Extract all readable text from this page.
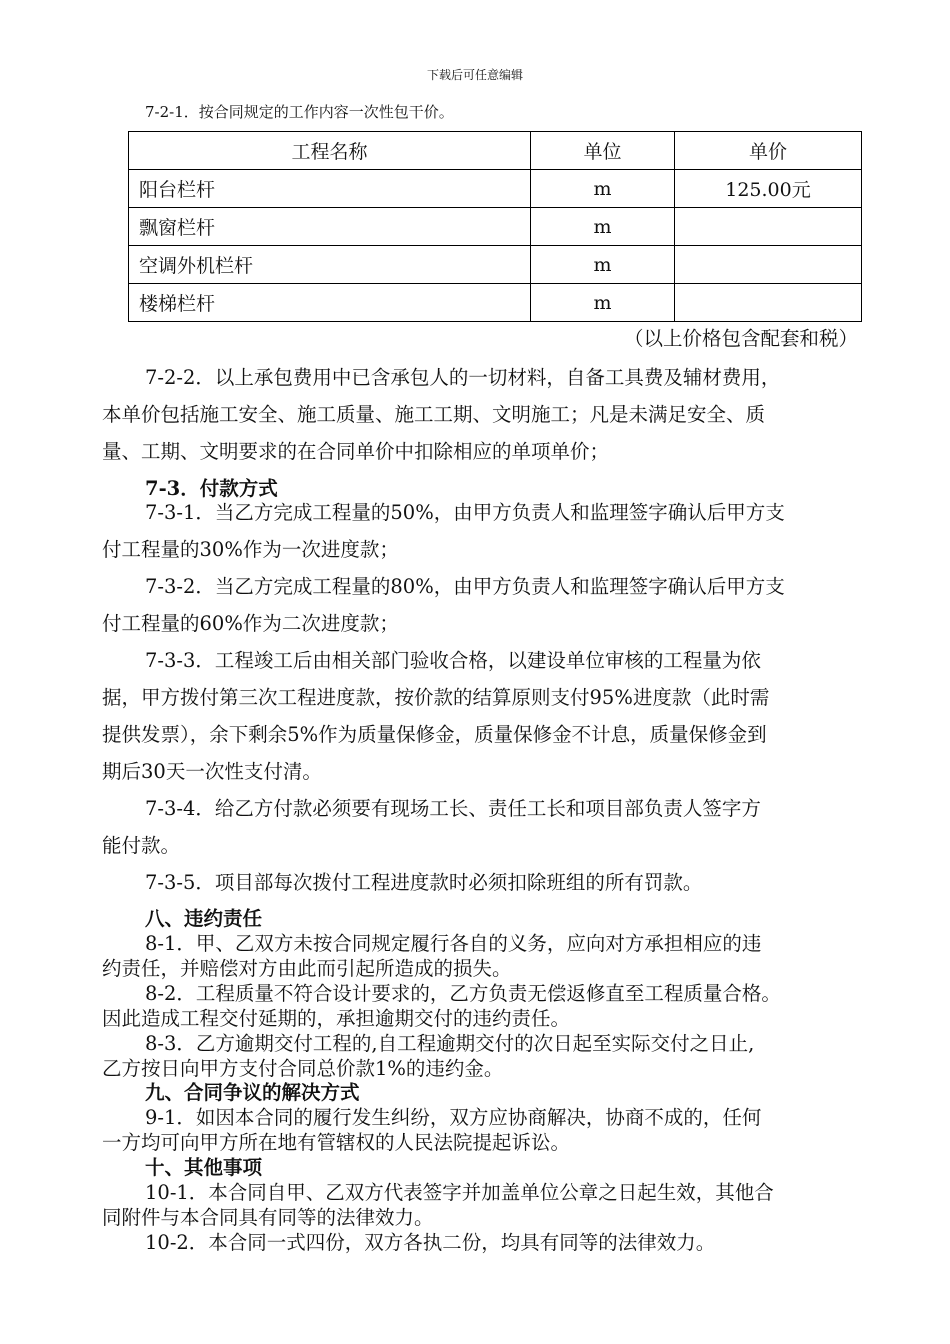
下载后可任意编辑
7-2-1．按合同规定的工作内容一次性包干价。
工程名称	单位	单价
阳台栏杆	m	125.00元
飘窗栏杆	m	
空调外机栏杆	m	
楼梯栏杆	m	
（以上价格包含配套和税）
7-2-2．以上承包费用中已含承包人的一切材料，自备工具费及辅材费用，
本单价包括施工安全、施工质量、施工工期、文明施工；凡是未满足安全、质
量、工期、文明要求的在合同单价中扣除相应的单项单价；
7-3．付款方式
7-3-1．当乙方完成工程量的50%，由甲方负责人和监理签字确认后甲方支
付工程量的30%作为一次进度款；
7-3-2．当乙方完成工程量的80%，由甲方负责人和监理签字确认后甲方支
付工程量的60%作为二次进度款；
7-3-3．工程竣工后由相关部门验收合格，以建设单位审核的工程量为依
据，甲方拨付第三次工程进度款，按价款的结算原则支付95%进度款（此时需
提供发票），余下剩余5%作为质量保修金，质量保修金不计息，质量保修金到
期后30天一次性支付清。
7-3-4．给乙方付款必须要有现场工长、责任工长和项目部负责人签字方
能付款。
7-3-5．项目部每次拨付工程进度款时必须扣除班组的所有罚款。
八、违约责任
8-1．甲、乙双方未按合同规定履行各自的义务，应向对方承担相应的违
约责任，并赔偿对方由此而引起所造成的损失。
8-2．工程质量不符合设计要求的，乙方负责无偿返修直至工程质量合格。
因此造成工程交付延期的，承担逾期交付的违约责任。
8-3．乙方逾期交付工程的,自工程逾期交付的次日起至实际交付之日止,
乙方按日向甲方支付合同总价款1%的违约金。
九、合同争议的解决方式
9-1．如因本合同的履行发生纠纷，双方应协商解决，协商不成的，任何
一方均可向甲方所在地有管辖权的人民法院提起诉讼。
十、其他事项
10-1．本合同自甲、乙双方代表签字并加盖单位公章之日起生效，其他合
同附件与本合同具有同等的法律效力。
10-2．本合同一式四份，双方各执二份，均具有同等的法律效力。
